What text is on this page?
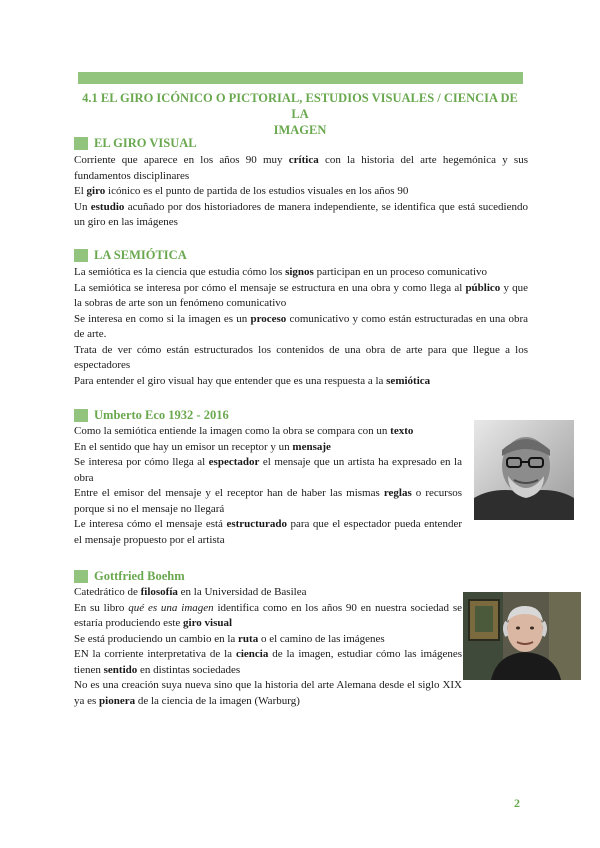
4.1 EL GIRO ICÓNICO O PICTORIAL, ESTUDIOS VISUALES / CIENCIA DE LA
IMAGEN
EL GIRO VISUAL

Corriente que aparece en los años 90 muy crítica con la historia del arte hegemónica y sus fundamentos disciplinares

El giro icónico es el punto de partida de los estudios visuales en los años 90

Un estudio acuñado por dos historiadores de manera independiente, se identifica que está sucediendo un giro en las imágenes

LA SEMIÓTICA

La semiótica es la ciencia que estudia cómo los signos participan en un proceso comunicativo

La semiótica se interesa por cómo el mensaje se estructura en una obra y como llega al público y que la sobras de arte son un fenómeno comunicativo

Se interesa en como si la imagen es un proceso comunicativo y como están estructuradas en una obra de arte.

Trata de ver cómo están estructurados los contenidos de una obra de arte para que llegue a los espectadores

Para entender el giro visual hay que entender que es una respuesta a la semiótica

Umberto Eco 1932 - 2016

Como la semiótica entiende la imagen como la obra se compara con un texto

En el sentido que hay un emisor un receptor y un mensaje

Se interesa por cómo llega al espectador el mensaje que un artista ha expresado en la obra

Entre el emisor del mensaje y el receptor han de haber las mismas reglas o recursos porque si no el mensaje no llegará

Le interesa cómo el mensaje está estructurado para que el espectador pueda entender el mensaje propuesto por el artista

Gottfried Boehm

Catedrático de filosofía en la Universidad de Basilea

En su libro qué es una imagen identifica como en los años 90 en nuestra sociedad se estaría produciendo este giro visual

Se está produciendo un cambio en la ruta o el camino de las imágenes

EN la corriente interpretativa de la ciencia de la imagen, estudiar cómo las imágenes tienen sentido en distintas sociedades

No es una creación suya nueva sino que la historia del arte Alemana desde el siglo XIX ya es pionera de la ciencia de la imagen (Warburg)

2
